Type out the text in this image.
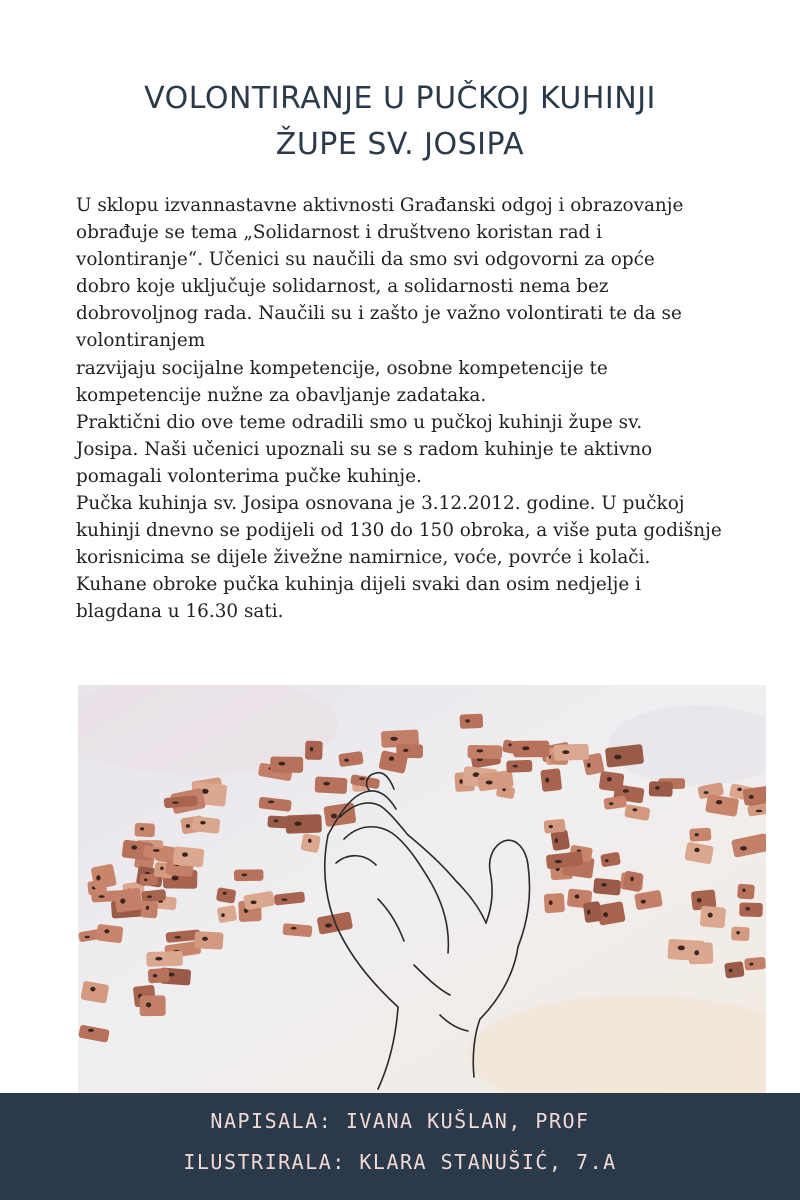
VOLONTIRANJE U PUČKOJ KUHINJI
ŽUPE SV. JOSIPA
U sklopu izvannastavne aktivnosti Građanski odgoj i obrazovanje
obrađuje se tema „Solidarnost i društveno koristan rad i
volontiranje“. Učenici su naučili da smo svi odgovorni za opće
dobro koje uključuje solidarnost, a solidarnosti nema bez
dobrovoljnog rada. Naučili su i zašto je važno volontirati te da se
volontiranjem
razvijaju socijalne kompetencije, osobne kompetencije te
kompetencije nužne za obavljanje zadataka.
Praktični dio ove teme odradili smo u pučkoj kuhinji župe sv.
Josipa. Naši učenici upoznali su se s radom kuhinje te aktivno
pomagali volonterima pučke kuhinje.
Pučka kuhinja sv. Josipa osnovana je 3.12.2012. godine. U pučkoj
kuhinji dnevno se podijeli od 130 do 150 obroka, a više puta godišnje
korisnicima se dijele živežne namirnice, voće, povrće i kolači.
Kuhane obroke pučka kuhinja dijeli svaki dan osim nedjelje i
blagdana u 16.30 sati.
NAPISALA: IVANA KUŠLAN, PROF
ILUSTRIRALA: KLARA STANUŠIĆ, 7.A
